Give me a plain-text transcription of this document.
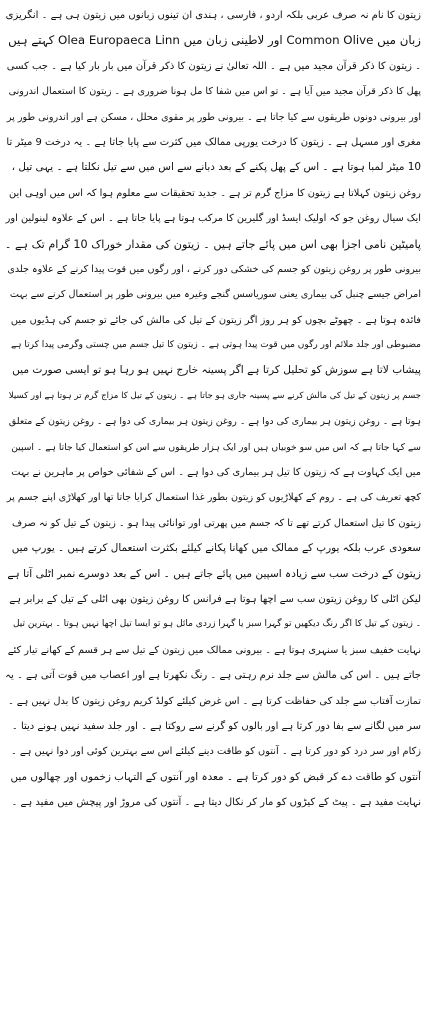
زیتون کا نام نہ صرف عربی بلکہ اردو ، فارسی ، ہندی ان تینوں زبانوں میں زیتون ہی ہے ۔ انگریزی
زبان میں Common Olive اور لاطینی زبان میں Olea Europaeca Linn کہتے ہیں
۔ زیتون کا ذکر قرآن مجید میں ہے ۔ اللہ تعالیٰ نے زیتون کا ذکر قرآن میں بار بار کیا ہے ۔ جب کسی
پھل کا ذکر قرآن مجید میں آیا ہے ۔ تو اس میں شفا کا مل ہونا ضروری ہے ۔ زیتون کا استعمال اندرونی
اور بیرونی دونوں طریقوں سے کیا جاتا ہے ۔ بیرونی طور پر مقوی محلل ، مسکن ہے اور اندرونی طور پر
مغری اور مسہل ہے ۔ زیتون کا درخت یورپی ممالک میں کثرت سے پایا جاتا ہے ۔ یہ درخت 9 میٹر تا
10 میٹر لمبا ہوتا ہے ۔ اس کے پھل پکنے کے بعد دبانے سے اس میں سے تیل نکلتا ہے ۔ یہی تیل ،
روغن زیتون کہلاتا ہے زیتون کا مزاج گرم تر ہے ۔ جدید تحقیقات سے معلوم ہوا کہ اس میں اوہی این
ایک سیال روغن جو کہ اولیک ایسڈ اور گلیرین کا مرکب ہوتا ہے پایا جاتا ہے ۔ اس کے علاوہ لینولین اور
پامیٹین نامی اجزا بھی اس میں پائے جاتے ہیں ۔ زیتون کی مقدار خوراک 10 گرام تک ہے ۔
بیرونی طور پر روغن زیتون کو جسم کی خشکی دور کرنے ، اور رگوں میں قوت پیدا کرنے کے علاوہ جلدی
امراض جیسے چنبل کی بیماری یعنی سوریاسس گنجے وغیرہ میں بیرونی طور پر استعمال کرنے سے بہت
فائدہ ہوتا ہے ۔ چھوٹے بچوں کو ہر روز اگر زیتون کے تیل کی مالش کی جائے تو جسم کی ہڈیوں میں
مضبوطی اور جلد ملائم اور رگوں میں قوت پیدا ہوتی ہے ۔ زیتون کا تیل جسم میں چستی وگرمی پیدا کرتا ہے
پیشاب لاتا ہے سوزش کو تحلیل کرتا ہے اگر پسینہ خارج نہیں ہو رہا ہو تو ایسی صورت میں
جسم پر زیتون کے تیل کی مالش کرنے سے پسینہ جاری ہو جاتا ہے ۔ زیتون کے تیل کا مزاج گرم تر ہوتا ہے اور کسیلا
ہوتا ہے ۔ روغن زیتون ہر بیماری کی دوا ہے ۔ روغن زیتون ہر بیماری کی دوا ہے ۔ روغن زیتون کے متعلق
سے کہا جاتا ہے کہ اس میں سو خوبیاں ہیں اور ایک ہزار طریقوں سے اس کو استعمال کیا جاتا ہے ۔ اسپین
میں ایک کہاوت ہے کہ زیتون کا تیل ہر بیماری کی دوا ہے ۔ اس کے شفائی خواص پر ماہرین نے بہت
کچھ تعریف کی ہے ۔ روم کے کھلاڑیوں کو زیتون بطور غذا استعمال کرایا جاتا تھا اور کھلاڑی اپنے جسم پر
زیتون کا تیل استعمال کرتے تھے تا کہ جسم میں پھرتی اور توانائی پیدا ہو ۔ زیتون کے تیل کو نہ صرف
سعودی عرب بلکہ یورپ کے ممالک میں کھانا پکانے کیلئے بکثرت استعمال کرتے ہیں ۔ یورپ میں
زیتون کے درخت سب سے زیادہ اسپین میں پائے جاتے ہیں ۔ اس کے بعد دوسرے نمبر اٹلی آتا ہے
لیکن اٹلی کا روغن زیتون سب سے اچھا ہوتا ہے فرانس کا روغن زیتون بھی اٹلی کے تیل کے برابر ہے
۔ زیتون کے تیل کا اگر رنگ دیکھیں تو گہرا سبز یا گہرا زردی مائل ہو تو ایسا تیل اچھا نہیں ہوتا ۔ بہترین تیل
نہایت خفیف سبز یا سنہری ہوتا ہے ۔ بیرونی ممالک میں زیتون کے تیل سے ہر قسم کے کھانے تیار کئے
جاتے ہیں ۔ اس کی مالش سے جلد نرم رہتی ہے ۔ رنگ نکھرتا ہے اور اعصاب میں قوت آتی ہے ۔ یہ
تمازت آفتاب سے جلد کی حفاظت کرتا ہے ۔ اس غرض کیلئے کولڈ کریم روغن زیتون کا بدل نہیں ہے ۔
سر میں لگانے سے بفا دور کرتا ہے اور بالوں کو گرنے سے روکتا ہے ۔ اور جلد سفید نہیں ہونے دیتا ۔
زکام اور سر درد کو دور کرتا ہے ۔ آنتوں کو طاقت دینے کیلئے اس سے بہترین کوئی اور دوا نہیں ہے ۔
آنتوں کو طاقت دے کر قبض کو دور کرتا ہے ۔ معدہ اور آنتوں کے التہاب زخموں اور چھالوں میں
نہایت مفید ہے ۔ پیٹ کے کیڑوں کو مار کر نکال دیتا ہے ۔ آنتوں کی مروڑ اور پیچش میں مفید ہے ۔
